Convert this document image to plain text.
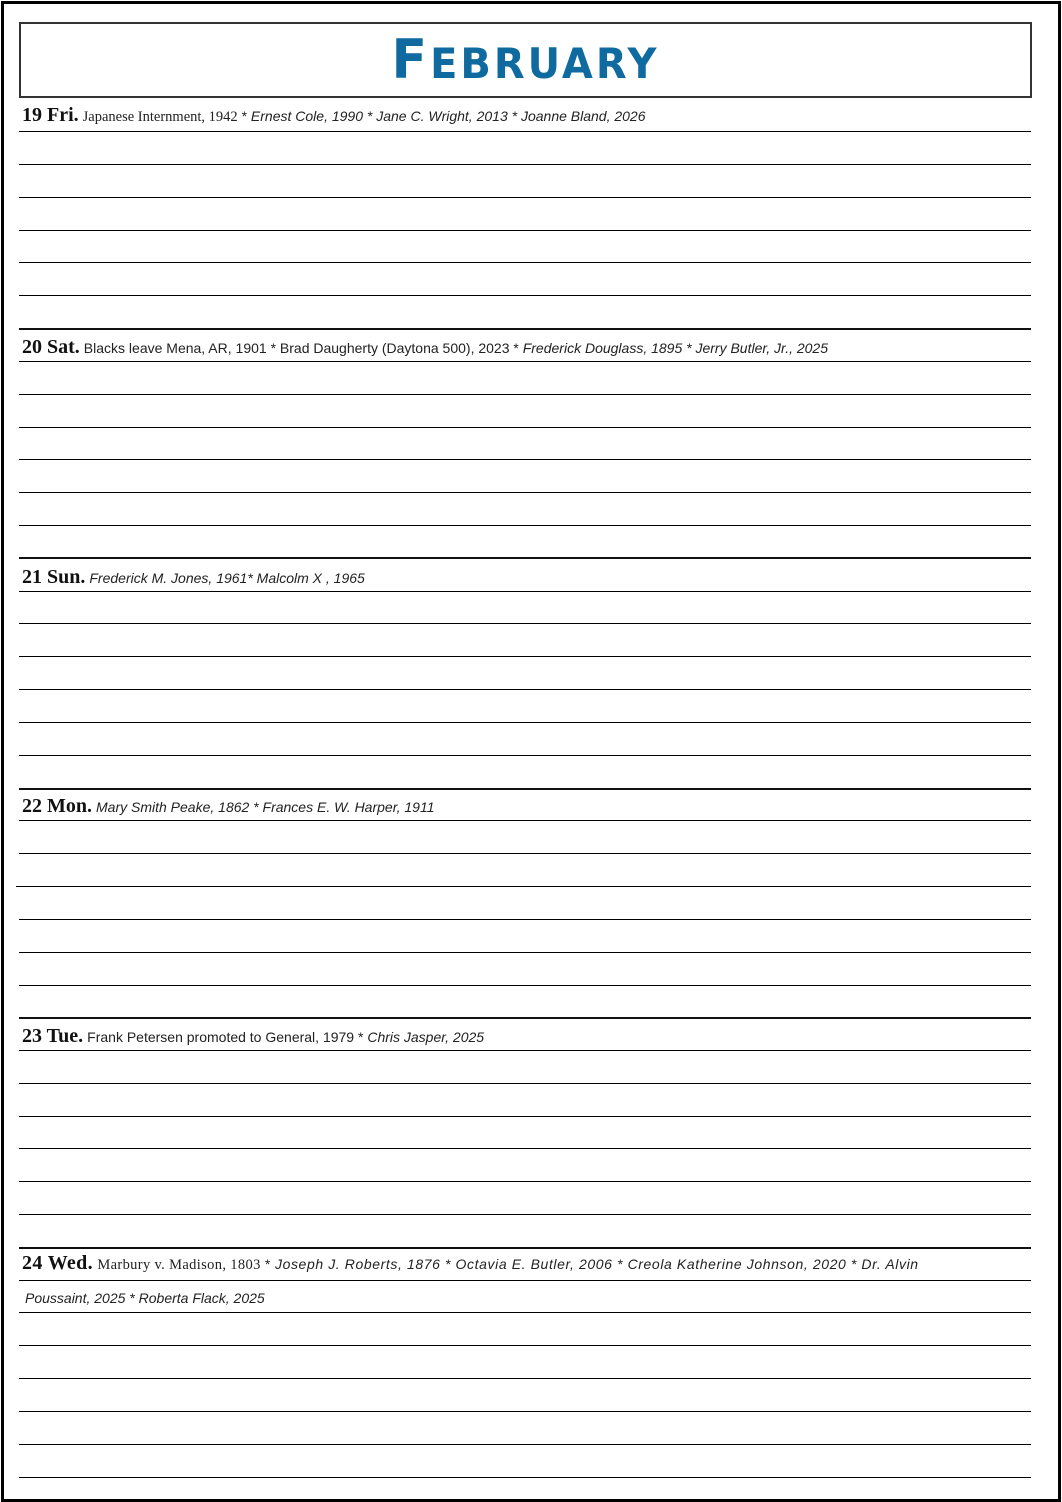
FEBRUARY
19 Fri. Japanese Internment, 1942 * Ernest Cole, 1990 * Jane C. Wright, 2013 * Joanne Bland, 2026
20 Sat. Blacks leave Mena, AR, 1901 * Brad Daugherty (Daytona 500), 2023 * Frederick Douglass, 1895 * Jerry Butler, Jr., 2025
21 Sun. Frederick M. Jones, 1961* Malcolm X , 1965
22 Mon. Mary Smith Peake, 1862 * Frances E. W. Harper, 1911
23 Tue. Frank Petersen promoted to General, 1979 * Chris Jasper, 2025
24 Wed. Marbury v. Madison, 1803 * Joseph J. Roberts, 1876 * Octavia E. Butler, 2006 * Creola Katherine Johnson, 2020 * Dr. Alvin
Poussaint, 2025 * Roberta Flack, 2025
